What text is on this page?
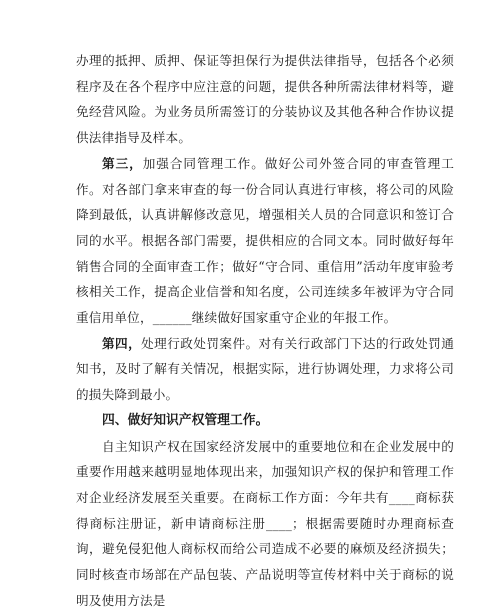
办理的抵押、质押、保证等担保行为提供法律指导，包括各个必须程序及在各个程序中应注意的问题，提供各种所需法律材料等，避免经营风险。为业务员所需签订的分装协议及其他各种合作协议提供法律指导及样本。

第三，加强合同管理工作。做好公司外签合同的审查管理工作。对各部门拿来审查的每一份合同认真进行审核，将公司的风险降到最低，认真讲解修改意见，增强相关人员的合同意识和签订合同的水平。根据各部门需要，提供相应的合同文本。同时做好每年销售合同的全面审查工作；做好“守合同、重信用”活动年度审验考核相关工作，提高企业信誉和知名度，公司连续多年被评为守合同重信用单位，______继续做好国家重守企业的年报工作。

第四，处理行政处罚案件。对有关行政部门下达的行政处罚通知书，及时了解有关情况，根据实际，进行协调处理，力求将公司的损失降到最小。

四、做好知识产权管理工作。

自主知识产权在国家经济发展中的重要地位和在企业发展中的重要作用越来越明显地体现出来，加强知识产权的保护和管理工作对企业经济发展至关重要。在商标工作方面：今年共有____商标获得商标注册证，新申请商标注册____；根据需要随时办理商标查询，避免侵犯他人商标权而给公司造成不必要的麻烦及经济损失；同时核查市场部在产品包装、产品说明等宣传材料中关于商标的说明及使用方法是
